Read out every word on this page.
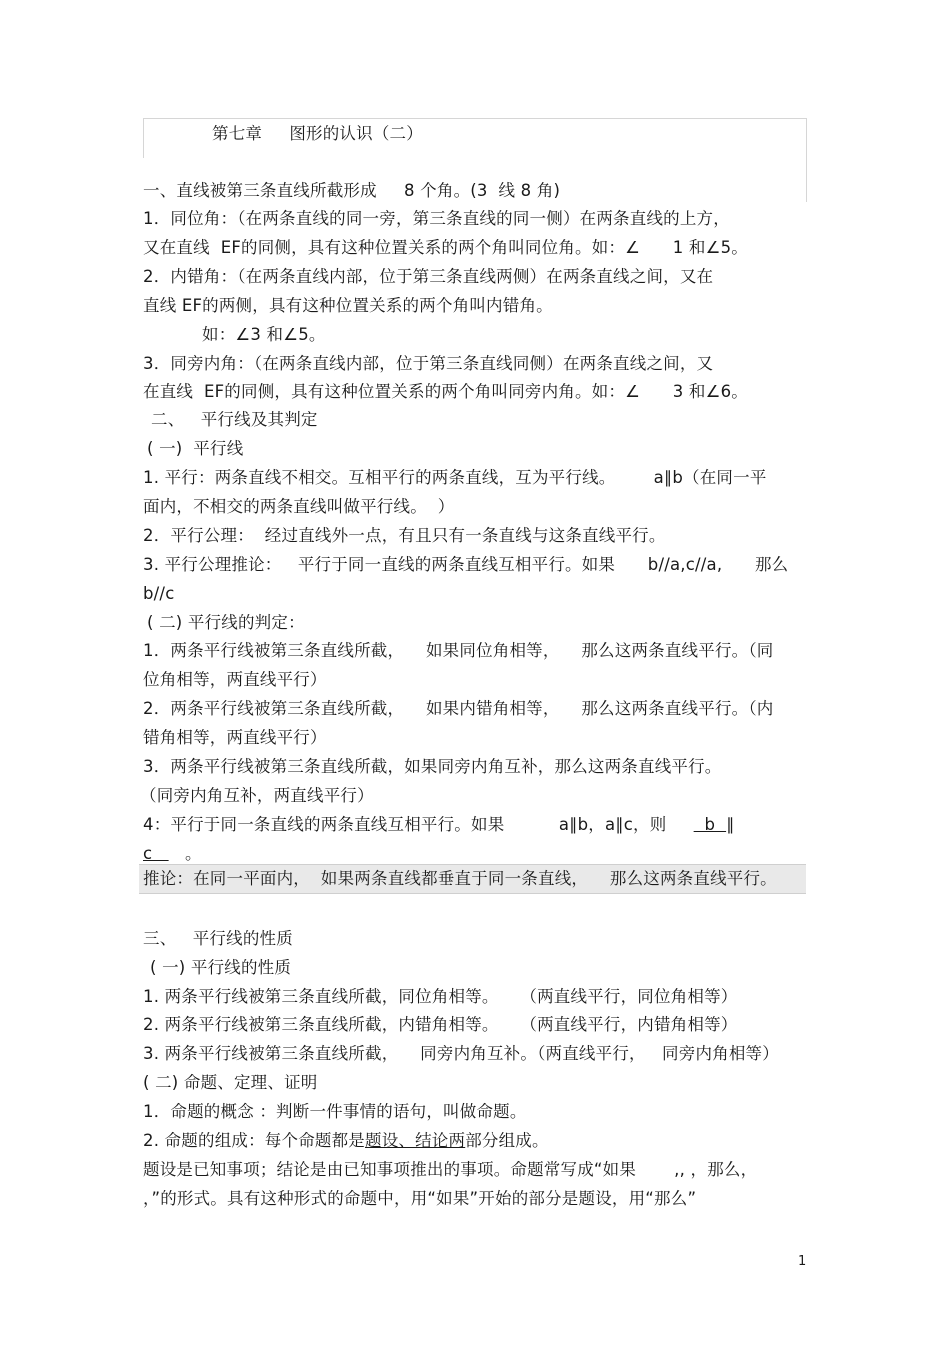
第七章     图形的认识（二）
一、直线被第三条直线所截形成     8 个角。(3  线 8 角)
1．同位角：（在两条直线的同一旁，第三条直线的同一侧）在两条直线的上方，
又在直线  EF的同侧，具有这种位置关系的两个角叫同位角。如：∠      1 和∠5。
2．内错角：（在两条直线内部，位于第三条直线两侧）在两条直线之间，又在
直线 EF的两侧，具有这种位置关系的两个角叫内错角。
如：∠3 和∠5。
3．同旁内角：（在两条直线内部，位于第三条直线同侧）在两条直线之间，又
在直线  EF的同侧，具有这种位置关系的两个角叫同旁内角。如：∠      3 和∠6。
二、   平行线及其判定
( 一)  平行线
1. 平行：两条直线不相交。互相平行的两条直线，互为平行线。       a∥b（在同一平
面内，不相交的两条直线叫做平行线。  ）
2．平行公理：  经过直线外一点，有且只有一条直线与这条直线平行。
3. 平行公理推论：   平行于同一直线的两条直线互相平行。如果      b//a,c//a,      那么
b//c
( 二) 平行线的判定：
1．两条平行线被第三条直线所截，    如果同位角相等，    那么这两条直线平行。（同
位角相等，两直线平行）
2．两条平行线被第三条直线所截，    如果内错角相等，    那么这两条直线平行。（内
错角相等，两直线平行）
3．两条平行线被第三条直线所截，如果同旁内角互补，那么这两条直线平行。
（同旁内角互补，两直线平行）
4：平行于同一条直线的两条直线互相平行。如果          a∥b，a∥c，则       b  ∥
c      。
推论：在同一平面内，  如果两条直线都垂直于同一条直线，    那么这两条直线平行。
三、   平行线的性质
( 一) 平行线的性质
1. 两条平行线被第三条直线所截，同位角相等。    （两直线平行，同位角相等）
2. 两条平行线被第三条直线所截，内错角相等。    （两直线平行，内错角相等）
3. 两条平行线被第三条直线所截，    同旁内角互补。（两直线平行，   同旁内角相等）
( 二) 命题、定理、证明
1．命题的概念 ：判断一件事情的语句，叫做命题。
2. 命题的组成：每个命题都是题设、结论两部分组成。
题设是已知事项；结论是由已知事项推出的事项。命题常写成“如果       ,, ，那么，
，”的形式。具有这种形式的命题中，用“如果”开始的部分是题设，用“那么”
1
